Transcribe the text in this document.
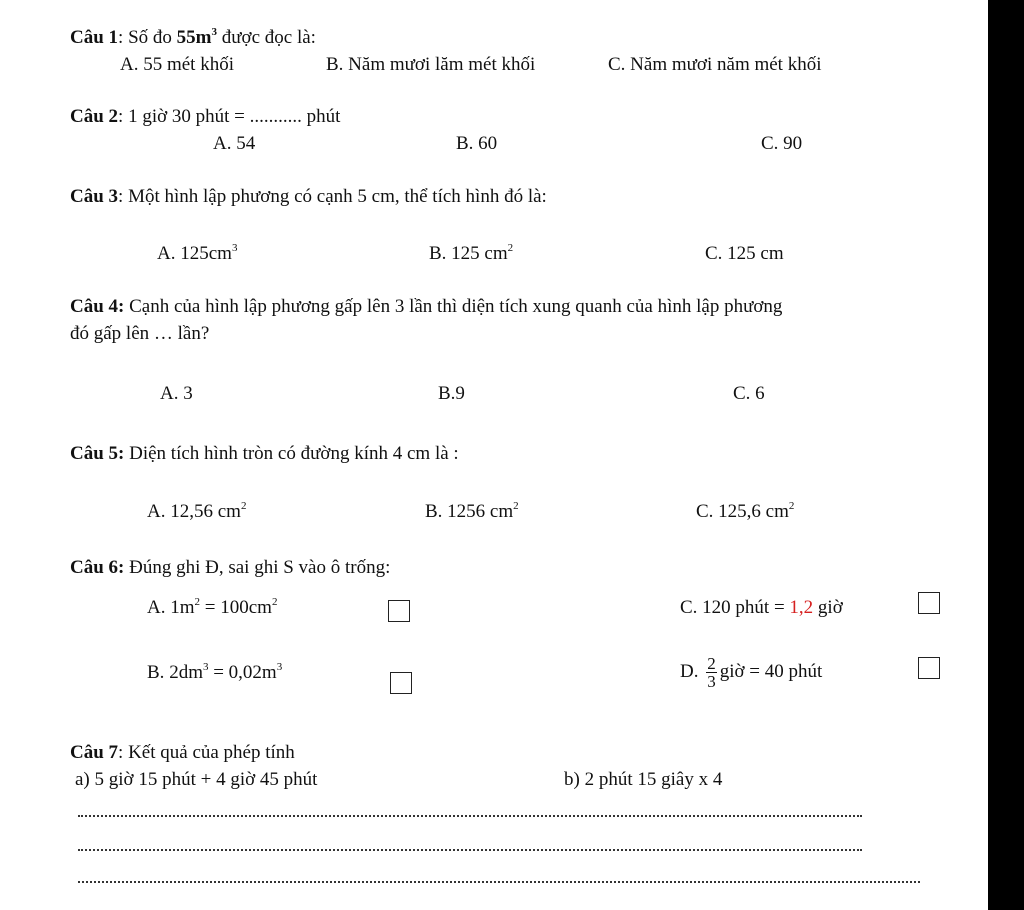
Câu 1: Số đo $55m^3$ được đọc là:
A. 55 mét khối	B. Năm mươi lăm mét khối	C. Năm mươi năm mét khối
Câu 2: 1 giờ 30 phút = ........... phút
A. 54	B. 60	C. 90
Câu 3: Một hình lập phương có cạnh 5 cm, thể tích hình đó là:
A. $125cm^3$	B. 125 $cm^2$	C. 125 cm
Câu 4: Cạnh của hình lập phương gấp lên 3 lần thì diện tích xung quanh của hình lập phương
đó gấp lên … lần?
A. 3	B.9	C. 6
Câu 5: Diện tích hình tròn có đường kính 4 cm là :
A. 12,56 $cm^2$	B. 1256 $cm^2$	C. 125,6 $cm^2$
Câu 6: Đúng ghi Đ, sai ghi S vào ô trống:
A. $1m^2 = 100cm^2$	C. 120 phút = 1,2 giờ
B. $2dm^3 = 0,02m^3$	D. $\frac{2}{3}$ giờ = 40 phút
Câu 7: Kết quả của phép tính
a) 5 giờ 15 phút + 4 giờ 45 phút	b) 2 phút 15 giây x 4
